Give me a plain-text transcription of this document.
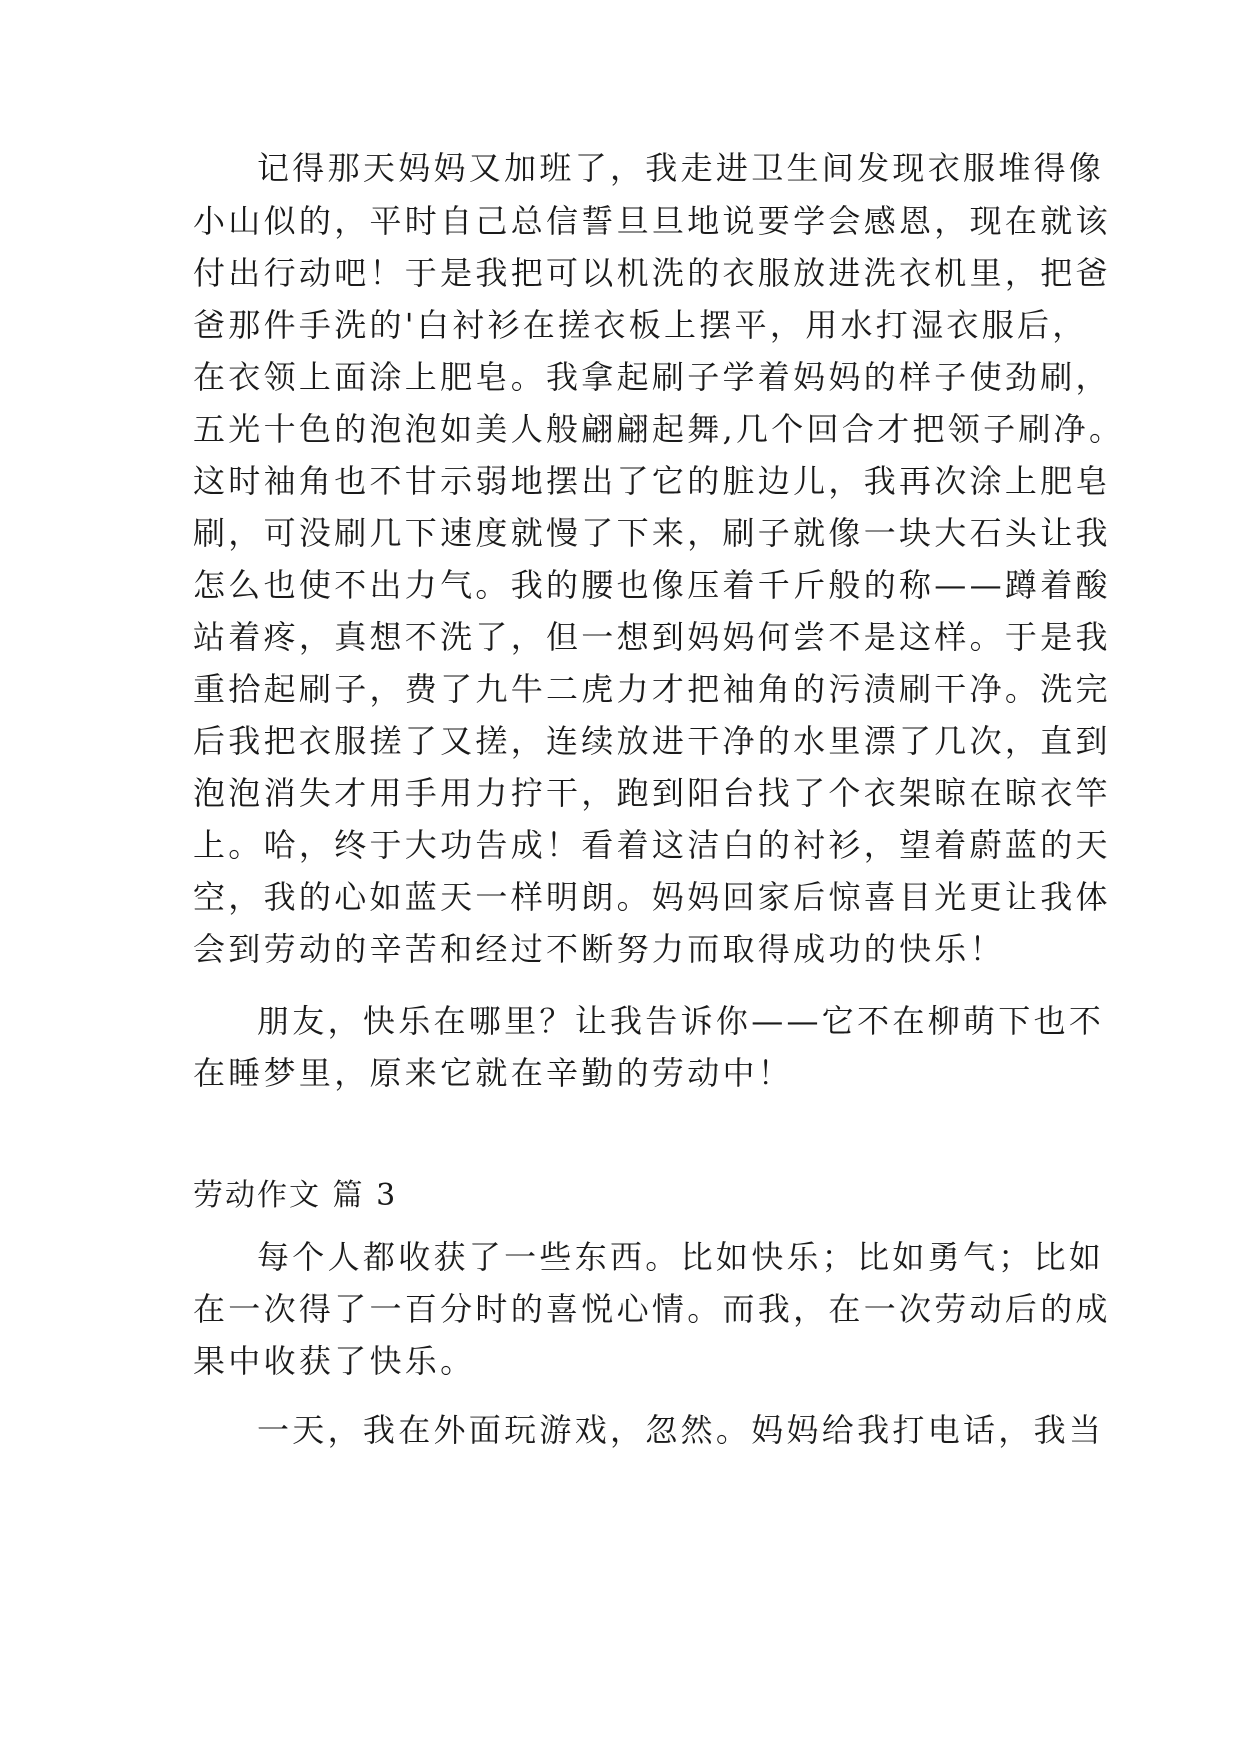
记得那天妈妈又加班了，我走进卫生间发现衣服堆得像
小山似的，平时自己总信誓旦旦地说要学会感恩，现在就该
付出行动吧！于是我把可以机洗的衣服放进洗衣机里，把爸
爸那件手洗的'白衬衫在搓衣板上摆平，用水打湿衣服后，
在衣领上面涂上肥皂。我拿起刷子学着妈妈的样子使劲刷，
五光十色的泡泡如美人般翩翩起舞,几个回合才把领子刷净。
这时袖角也不甘示弱地摆出了它的脏边儿，我再次涂上肥皂
刷，可没刷几下速度就慢了下来，刷子就像一块大石头让我
怎么也使不出力气。我的腰也像压着千斤般的称——蹲着酸
站着疼，真想不洗了，但一想到妈妈何尝不是这样。于是我
重拾起刷子，费了九牛二虎力才把袖角的污渍刷干净。洗完
后我把衣服搓了又搓，连续放进干净的水里漂了几次，直到
泡泡消失才用手用力拧干，跑到阳台找了个衣架晾在晾衣竿
上。哈，终于大功告成！看着这洁白的衬衫，望着蔚蓝的天
空，我的心如蓝天一样明朗。妈妈回家后惊喜目光更让我体
会到劳动的辛苦和经过不断努力而取得成功的快乐！
朋友，快乐在哪里？让我告诉你——它不在柳萌下也不
在睡梦里，原来它就在辛勤的劳动中！
劳动作文 篇 3
每个人都收获了一些东西。比如快乐；比如勇气；比如
在一次得了一百分时的喜悦心情。而我，在一次劳动后的成
果中收获了快乐。
一天，我在外面玩游戏，忽然。妈妈给我打电话，我当
